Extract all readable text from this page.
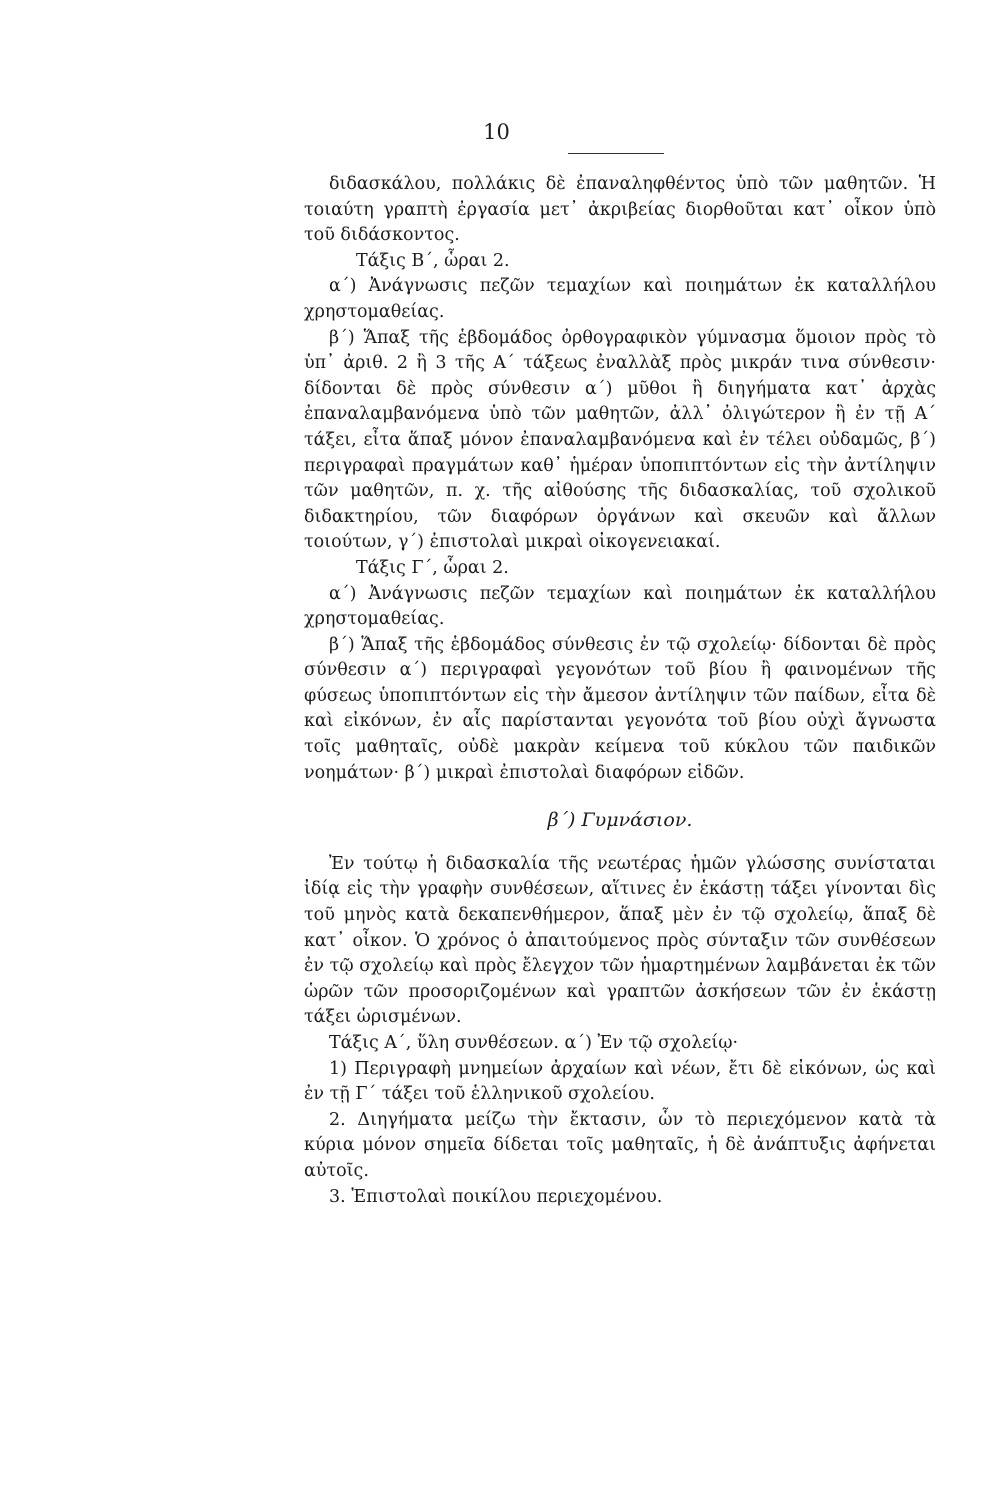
10

διδασκάλου, πολλάκις δὲ ἐπαναληφθέντος ὑπὸ τῶν μαθητῶν. Ἡ τοιαύτη γραπτὴ ἐργασία μετ᾽ ἀκριβείας διορθοῦται κατ᾽ οἶκον ὑπὸ τοῦ διδάσκοντος.

Τάξις Β΄, ὧραι 2.

α΄) Ἀνάγνωσις πεζῶν τεμαχίων καὶ ποιημάτων ἐκ καταλλήλου χρηστομαθείας.

β΄) Ἅπαξ τῆς ἑβδομάδος ὀρθογραφικὸν γύμνασμα ὅμοιον πρὸς τὸ ὑπ᾽ ἀριθ. 2 ἢ 3 τῆς Α΄ τάξεως ἐναλλὰξ πρὸς μικράν τινα σύνθεσιν· δίδονται δὲ πρὸς σύνθεσιν α΄) μῦθοι ἢ διηγήματα κατ᾽ ἀρχὰς ἐπαναλαμβανόμενα ὑπὸ τῶν μαθητῶν, ἀλλ᾽ ὀλιγώτερον ἢ ἐν τῇ Α΄ τάξει, εἶτα ἅπαξ μόνον ἐπαναλαμβανόμενα καὶ ἐν τέλει οὐδαμῶς, β΄) περιγραφαὶ πραγμάτων καθ᾽ ἡμέραν ὑποπιπτόντων εἰς τὴν ἀντίληψιν τῶν μαθητῶν, π. χ. τῆς αἰθούσης τῆς διδασκαλίας, τοῦ σχολικοῦ διδακτηρίου, τῶν διαφόρων ὀργάνων καὶ σκευῶν καὶ ἄλλων τοιούτων, γ΄) ἐπιστολαὶ μικραὶ οἰκογενειακαί.

Τάξις Γ΄, ὧραι 2.

α΄) Ἀνάγνωσις πεζῶν τεμαχίων καὶ ποιημάτων ἐκ καταλλήλου χρηστομαθείας.

β΄) Ἅπαξ τῆς ἑβδομάδος σύνθεσις ἐν τῷ σχολείῳ· δίδονται δὲ πρὸς σύνθεσιν α΄) περιγραφαὶ γεγονότων τοῦ βίου ἢ φαινομένων τῆς φύσεως ὑποπιπτόντων εἰς τὴν ἄμεσον ἀντίληψιν τῶν παίδων, εἶτα δὲ καὶ εἰκόνων, ἐν αἷς παρίστανται γεγονότα τοῦ βίου οὐχὶ ἄγνωστα τοῖς μαθηταῖς, οὐδὲ μακρὰν κείμενα τοῦ κύκλου τῶν παιδικῶν νοημάτων· β΄) μικραὶ ἐπιστολαὶ διαφόρων εἰδῶν.

β΄) Γυμνάσιον.

Ἐν τούτῳ ἡ διδασκαλία τῆς νεωτέρας ἡμῶν γλώσσης συνίσταται ἰδίᾳ εἰς τὴν γραφὴν συνθέσεων, αἵτινες ἐν ἑκάστῃ τάξει γίνονται δὶς τοῦ μηνὸς κατὰ δεκαπενθήμερον, ἅπαξ μὲν ἐν τῷ σχολείῳ, ἅπαξ δὲ κατ᾽ οἶκον. Ὁ χρόνος ὁ ἀπαιτούμενος πρὸς σύνταξιν τῶν συνθέσεων ἐν τῷ σχολείῳ καὶ πρὸς ἔλεγχον τῶν ἡμαρτημένων λαμβάνεται ἐκ τῶν ὡρῶν τῶν προσοριζομένων καὶ γραπτῶν ἀσκήσεων τῶν ἐν ἑκάστῃ τάξει ὡρισμένων.

Τάξις Α΄, ὕλη συνθέσεων. α΄) Ἐν τῷ σχολείῳ·

1) Περιγραφὴ μνημείων ἀρχαίων καὶ νέων, ἔτι δὲ εἰκόνων, ὡς καὶ ἐν τῇ Γ΄ τάξει τοῦ ἑλληνικοῦ σχολείου.

2. Διηγήματα μείζω τὴν ἔκτασιν, ὧν τὸ περιεχόμενον κατὰ τὰ κύρια μόνον σημεῖα δίδεται τοῖς μαθηταῖς, ἡ δὲ ἀνάπτυξις ἀφήνεται αὐτοῖς.

3. Ἐπιστολαὶ ποικίλου περιεχομένου.
